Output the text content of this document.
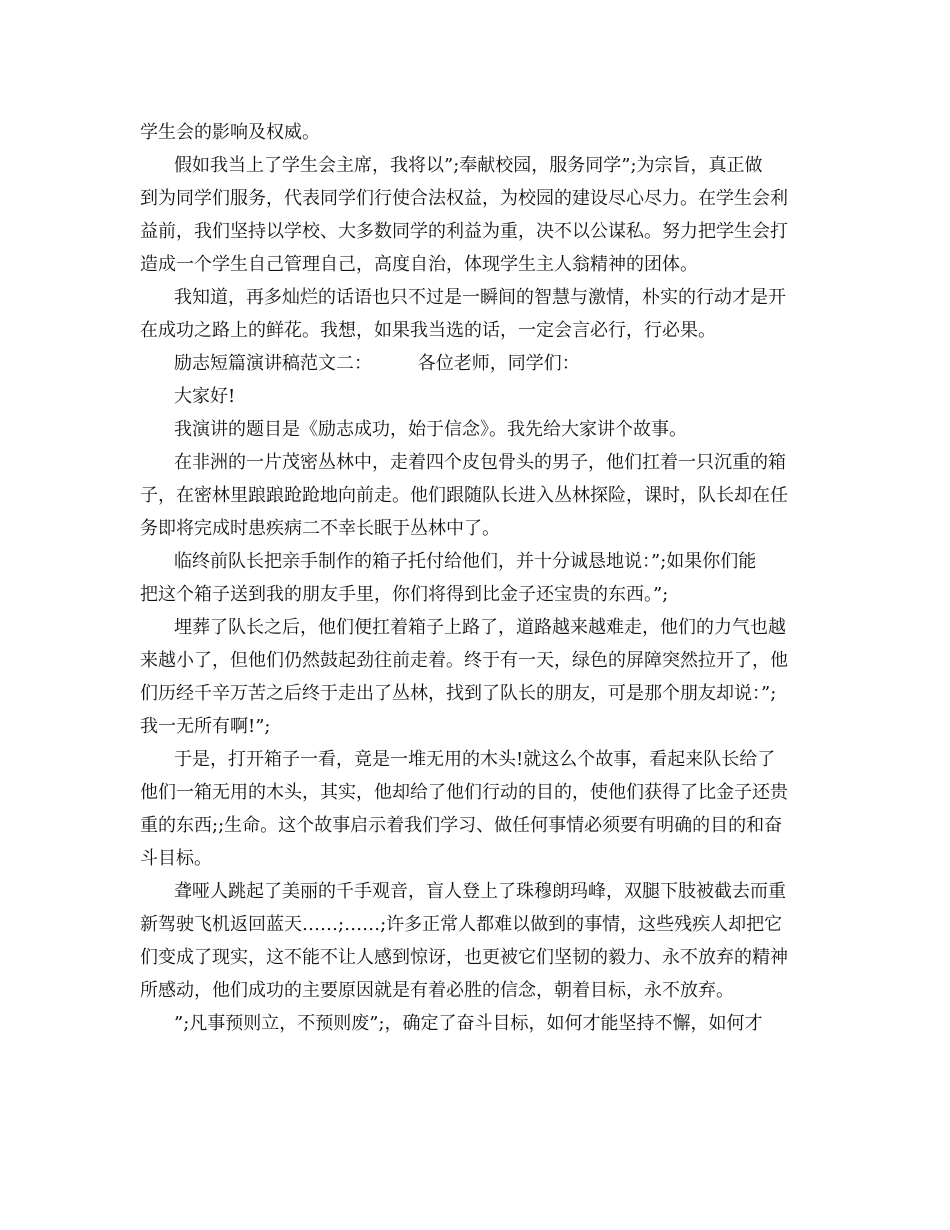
学生会的影响及权威。
假如我当上了学生会主席，我将以”;奉献校园，服务同学”;为宗旨，真正做
到为同学们服务，代表同学们行使合法权益，为校园的建设尽心尽力。在学生会利
益前，我们坚持以学校、大多数同学的利益为重，决不以公谋私。努力把学生会打
造成一个学生自己管理自己，高度自治，体现学生主人翁精神的团体。
我知道，再多灿烂的话语也只不过是一瞬间的智慧与激情，朴实的行动才是开
在成功之路上的鲜花。我想，如果我当选的话，一定会言必行，行必果。
励志短篇演讲稿范文二：        各位老师，同学们：
大家好!
我演讲的题目是《励志成功，始于信念》。我先给大家讲个故事。
在非洲的一片茂密丛林中，走着四个皮包骨头的男子，他们扛着一只沉重的箱
子，在密林里踉踉跄跄地向前走。他们跟随队长进入丛林探险，课时，队长却在任
务即将完成时患疾病二不幸长眠于丛林中了。
临终前队长把亲手制作的箱子托付给他们，并十分诚恳地说：”;如果你们能
把这个箱子送到我的朋友手里，你们将得到比金子还宝贵的东西。”;
埋葬了队长之后，他们便扛着箱子上路了，道路越来越难走，他们的力气也越
来越小了，但他们仍然鼓起劲往前走着。终于有一天，绿色的屏障突然拉开了，他
们历经千辛万苦之后终于走出了丛林，找到了队长的朋友，可是那个朋友却说：”;
我一无所有啊!”;
于是，打开箱子一看，竟是一堆无用的木头!就这么个故事，看起来队长给了
他们一箱无用的木头，其实，他却给了他们行动的目的，使他们获得了比金子还贵
重的东西;;生命。这个故事启示着我们学习、做任何事情必须要有明确的目的和奋
斗目标。
聋哑人跳起了美丽的千手观音，盲人登上了珠穆朗玛峰，双腿下肢被截去而重
新驾驶飞机返回蓝天……;……;许多正常人都难以做到的事情，这些残疾人却把它
们变成了现实，这不能不让人感到惊讶，也更被它们坚韧的毅力、永不放弃的精神
所感动，他们成功的主要原因就是有着必胜的信念，朝着目标，永不放弃。
”;凡事预则立，不预则废”;，确定了奋斗目标，如何才能坚持不懈，如何才
